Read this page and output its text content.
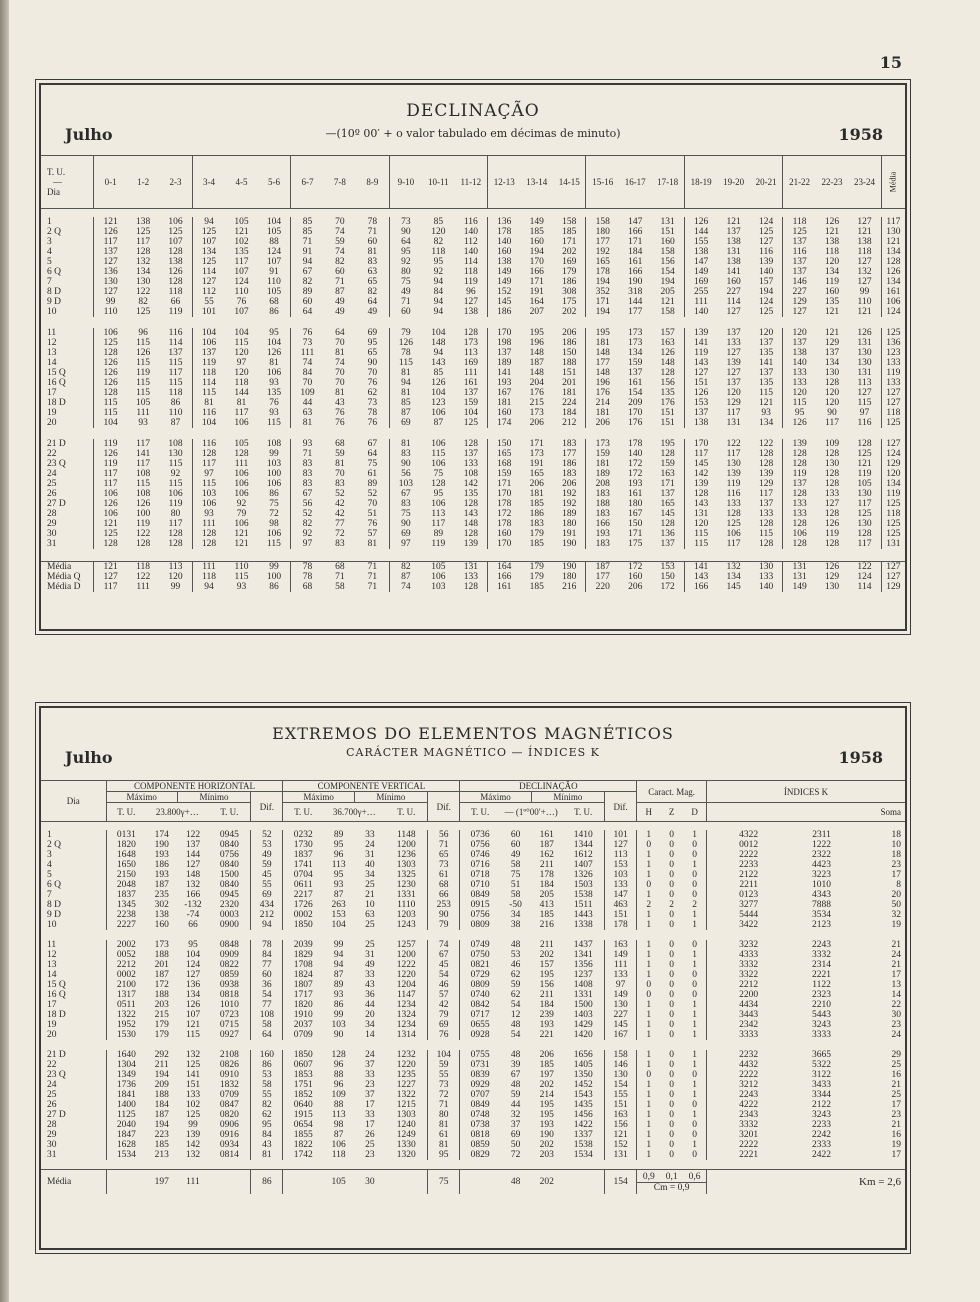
15
DECLINAÇÃO
Julho	—(10º 00′ + o valor tabulado em décimas de minuto)	1958
T. U.
—
Dia	0-1	1-2	2-3	3-4	4-5	5-6	6-7	7-8	8-9	9-10	10-11	11-12	12-13	13-14	14-15	15-16	16-17	17-18	18-19	19-20	20-21	21-22	22-23	23-24	Média

1	121	138	106	94	105	104	85	70	78	73	85	116	136	149	158	158	147	131	126	121	124	118	126	127	117
2 Q	126	125	125	125	121	105	85	74	71	90	120	140	178	185	185	180	166	151	144	137	125	125	121	121	130
3	117	117	107	107	102	88	71	59	60	64	82	112	140	160	171	177	171	160	155	138	127	137	138	138	121
4	137	128	128	134	135	124	91	74	81	95	118	140	160	194	202	192	184	158	138	131	116	116	118	118	134
5	127	132	138	125	117	107	94	82	83	92	95	114	138	170	169	165	161	156	147	138	139	137	120	127	128
6 Q	136	134	126	114	107	91	67	60	63	80	92	118	149	166	179	178	166	154	149	141	140	137	134	132	126
7	130	130	128	127	124	110	82	71	65	75	94	119	149	171	186	194	190	194	169	160	157	146	119	127	134
8 D	127	122	118	112	110	105	89	87	82	49	84	96	152	191	308	352	318	205	255	227	194	227	160	99	161
9 D	99	82	66	55	76	68	60	49	64	71	94	127	145	164	175	171	144	121	111	114	124	129	135	110	106
10	110	125	119	101	107	86	64	49	49	60	94	138	186	207	202	194	177	158	140	127	125	127	121	121	124

11	106	96	116	104	104	95	76	64	69	79	104	128	170	195	206	195	173	157	139	137	120	120	121	126	125
12	125	115	114	106	115	104	73	70	95	126	148	173	198	196	186	181	173	163	141	133	137	137	129	131	136
13	128	126	137	137	120	126	111	81	65	78	94	113	137	148	150	148	134	126	119	127	135	138	137	130	123
14	126	115	115	119	97	81	74	74	90	115	143	169	189	187	188	177	159	148	143	139	141	140	134	130	133
15 Q	126	119	117	118	120	106	84	70	70	81	85	111	141	148	151	148	137	128	127	127	137	133	130	131	119
16 Q	126	115	115	114	118	93	70	70	76	94	126	161	193	204	201	196	161	156	151	137	135	133	128	113	133
17	128	115	118	115	144	135	109	81	62	81	104	137	167	176	181	176	154	135	126	120	115	120	120	127	127
18 D	115	105	86	81	81	76	44	43	73	85	123	159	181	215	224	214	209	176	153	129	121	115	120	115	127
19	115	111	110	116	117	93	63	76	78	87	106	104	160	173	184	181	170	151	137	117	93	95	90	97	118
20	104	93	87	104	106	115	81	76	76	69	87	125	174	206	212	206	176	151	138	131	134	126	117	116	125

21 D	119	117	108	116	105	108	93	68	67	81	106	128	150	171	183	173	178	195	170	122	122	139	109	128	127
22	126	141	130	128	128	99	71	59	64	83	115	137	165	173	177	159	140	128	117	117	128	128	128	125	124
23 Q	119	117	115	117	111	103	83	81	75	90	106	133	168	191	186	181	172	159	145	130	128	128	130	121	129
24	117	108	92	97	106	100	83	70	61	56	75	108	159	165	183	189	172	163	142	139	139	119	128	119	120
25	117	115	115	115	106	106	83	83	89	103	128	142	171	206	206	208	193	171	139	119	129	137	128	105	134
26	106	108	106	103	106	86	67	52	52	67	95	135	170	181	192	183	161	137	128	116	117	128	133	130	119
27 D	126	126	119	106	92	75	56	42	70	83	106	128	178	185	192	188	180	165	143	133	137	133	127	117	125
28	106	100	80	93	79	72	52	42	51	75	113	143	172	186	189	183	167	145	131	128	133	133	128	125	118
29	121	119	117	111	106	98	82	77	76	90	117	148	178	183	180	166	150	128	120	125	128	128	126	130	125
30	125	122	128	128	121	106	92	72	57	69	89	128	160	179	191	193	171	136	115	106	115	106	119	128	125
31	128	128	128	128	121	115	97	83	81	97	119	139	170	185	190	183	175	137	115	117	128	128	128	117	131

Média	121	118	113	111	110	99	78	68	71	82	105	131	164	179	190	187	172	153	141	132	130	131	126	122	127
Média Q	127	122	120	118	115	100	78	71	71	87	106	133	166	179	180	177	160	150	143	134	133	131	129	124	127
Média D	117	111	99	94	93	86	68	58	71	74	103	128	161	185	216	220	206	172	166	145	140	149	130	114	129
EXTREMOS DO ELEMENTOS MAGNÉTICOS
CARÁCTER MAGNÉTICO — ÍNDICES K
Julho	1958
Dia	COMPONENTE HORIZONTAL					COMPONENTE VERTICAL					DECLINAÇÃO					Caract. Mag.			ÍNDICES K		
	Máximo		Mínimo		Dif.	Máximo		Mínimo		Dif.	Máximo		Mínimo		Dif.						
	T. U.	23.800γ+…		T. U.		T. U.	36.700γ+…		T. U.		T. U.	— (1º°00′+…)		T. U.		H	Z	D			Soma

1	0131	174	122	0945	52	0232	89	33	1148	56	0736	60	161	1410	101	1	0	1	4322	2311	18
2 Q	1820	190	137	0840	53	1730	95	24	1200	71	0756	60	187	1344	127	0	0	0	0012	1222	10
3	1648	193	144	0756	49	1837	96	31	1236	65	0746	49	162	1612	113	1	0	0	2222	2322	18
4	1650	186	127	0840	59	1741	113	40	1303	73	0716	58	211	1407	153	1	0	1	2233	4423	23
5	2150	193	148	1500	45	0704	95	34	1325	61	0718	75	178	1326	103	1	0	0	2122	3223	17
6 Q	2048	187	132	0840	55	0611	93	25	1230	68	0710	51	184	1503	133	0	0	0	2211	1010	8
7	1837	235	166	0945	69	2217	87	21	1331	66	0849	58	205	1538	147	1	0	0	0123	4343	20
8 D	1345	302	-132	2320	434	1726	263	10	1110	253	0915	-50	413	1511	463	2	2	2	3277	7888	50
9 D	2238	138	-74	0003	212	0002	153	63	1203	90	0756	34	185	1443	151	1	0	1	5444	3534	32
10	2227	160	66	0900	94	1850	104	25	1243	79	0809	38	216	1338	178	1	0	1	3422	2123	19

11	2002	173	95	0848	78	2039	99	25	1257	74	0749	48	211	1437	163	1	0	0	3232	2243	21
12	0052	188	104	0909	84	1829	94	31	1200	67	0750	53	202	1341	149	1	0	1	4333	3332	24
13	2212	201	124	0822	77	1708	94	49	1222	45	0821	46	157	1356	111	1	0	1	3332	2314	21
14	0002	187	127	0859	60	1824	87	33	1220	54	0729	62	195	1237	133	1	0	0	3322	2221	17
15 Q	2100	172	136	0938	36	1807	89	43	1204	46	0809	59	156	1408	97	0	0	0	2212	1122	13
16 Q	1317	188	134	0818	54	1717	93	36	1147	57	0740	62	211	1331	149	0	0	0	2200	2323	14
17	0511	203	126	1010	77	1820	86	44	1234	42	0842	54	184	1500	130	1	0	1	4434	2210	22
18 D	1322	215	107	0723	108	1910	99	20	1324	79	0717	12	239	1403	227	1	0	1	3443	5443	30
19	1952	179	121	0715	58	2037	103	34	1234	69	0655	48	193	1429	145	1	0	1	2342	3243	23
20	1530	179	115	0927	64	0709	90	14	1314	76	0928	54	221	1420	167	1	0	1	3333	3333	24

21 D	1640	292	132	2108	160	1850	128	24	1232	104	0755	48	206	1656	158	1	0	1	2232	3665	29
22	1304	211	125	0826	86	0607	96	37	1220	59	0731	39	185	1405	146	1	0	1	4432	5322	25
23 Q	1349	194	141	0910	53	1853	88	33	1235	55	0839	67	197	1350	130	0	0	0	2222	3122	16
24	1736	209	151	1832	58	1751	96	23	1227	73	0929	48	202	1452	154	1	0	1	3212	3433	21
25	1841	188	133	0709	55	1852	109	37	1322	72	0707	59	214	1543	155	1	0	1	2243	3344	25
26	1400	184	102	0847	82	0640	88	17	1215	71	0849	44	195	1435	151	1	0	0	4222	2122	17
27 D	1125	187	125	0820	62	1915	113	33	1303	80	0748	32	195	1456	163	1	0	1	2343	3243	23
28	2040	194	99	0906	95	0654	98	17	1240	81	0738	37	193	1422	156	1	0	0	3332	2233	21
29	1847	223	139	0916	84	1855	87	26	1249	61	0818	69	190	1337	121	1	0	0	3201	2242	16
30	1628	185	142	0934	43	1822	106	25	1330	81	0859	50	202	1538	152	1	0	1	2222	2333	19
31	1534	213	132	0814	81	1742	118	23	1320	95	0829	72	203	1534	131	1	0	0	2221	2422	17

Média		197	111		86		105	30		75		48	202		154	0,9 0,1 0,6
Cm = 0,9			Km = 2,6		
